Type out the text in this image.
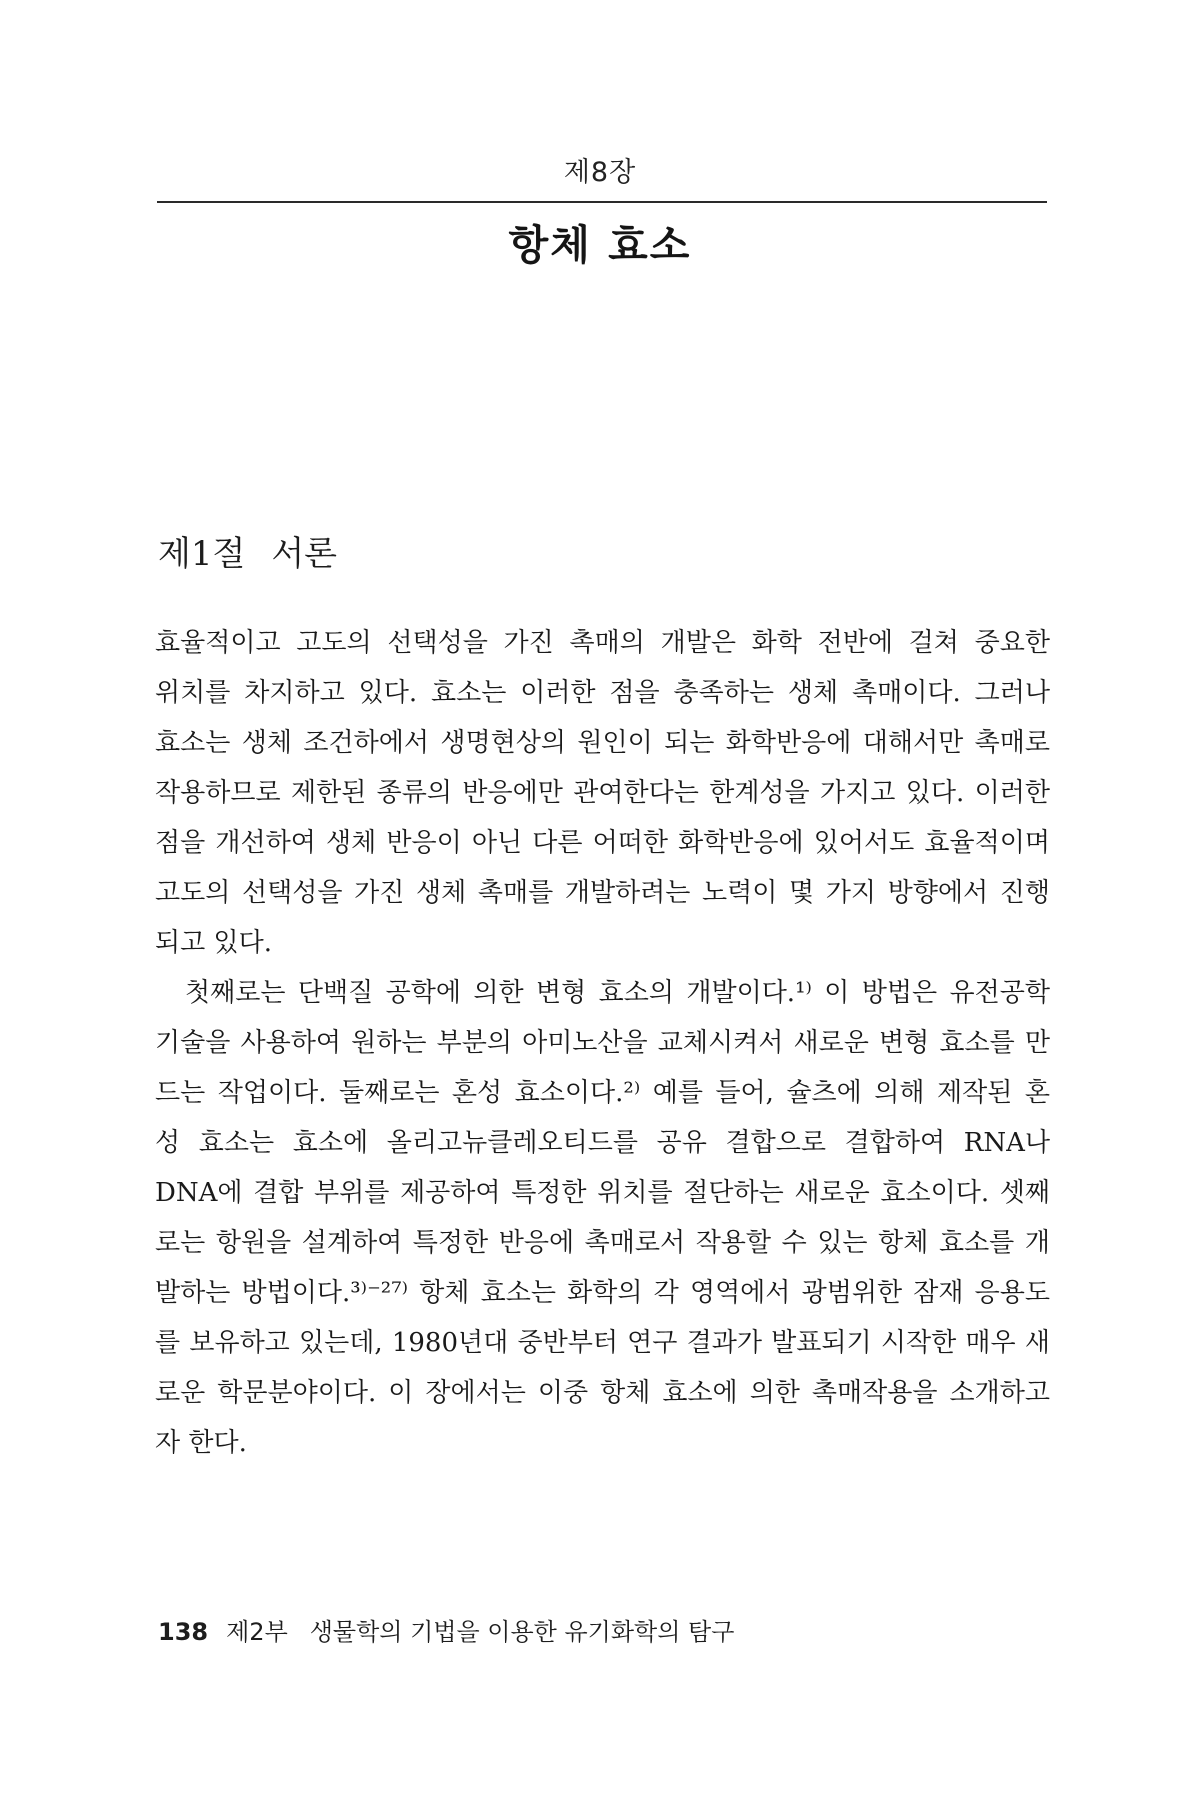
제8장
항체 효소
제1절 서론
효율적이고 고도의 선택성을 가진 촉매의 개발은 화학 전반에 걸쳐 중요한
위치를 차지하고 있다. 효소는 이러한 점을 충족하는 생체 촉매이다. 그러나
효소는 생체 조건하에서 생명현상의 원인이 되는 화학반응에 대해서만 촉매로
작용하므로 제한된 종류의 반응에만 관여한다는 한계성을 가지고 있다. 이러한
점을 개선하여 생체 반응이 아닌 다른 어떠한 화학반응에 있어서도 효율적이며
고도의 선택성을 가진 생체 촉매를 개발하려는 노력이 몇 가지 방향에서 진행
되고 있다.
첫째로는 단백질 공학에 의한 변형 효소의 개발이다.¹⁾ 이 방법은 유전공학
기술을 사용하여 원하는 부분의 아미노산을 교체시켜서 새로운 변형 효소를 만
드는 작업이다. 둘째로는 혼성 효소이다.²⁾ 예를 들어, 슐츠에 의해 제작된 혼
성 효소는 효소에 올리고뉴클레오티드를 공유 결합으로 결합하여 RNA나
DNA에 결합 부위를 제공하여 특정한 위치를 절단하는 새로운 효소이다. 셋째
로는 항원을 설계하여 특정한 반응에 촉매로서 작용할 수 있는 항체 효소를 개
발하는 방법이다.³⁾⁻²⁷⁾ 항체 효소는 화학의 각 영역에서 광범위한 잠재 응용도
를 보유하고 있는데, 1980년대 중반부터 연구 결과가 발표되기 시작한 매우 새
로운 학문분야이다. 이 장에서는 이중 항체 효소에 의한 촉매작용을 소개하고
자 한다.
138 제2부 생물학의 기법을 이용한 유기화학의 탐구
